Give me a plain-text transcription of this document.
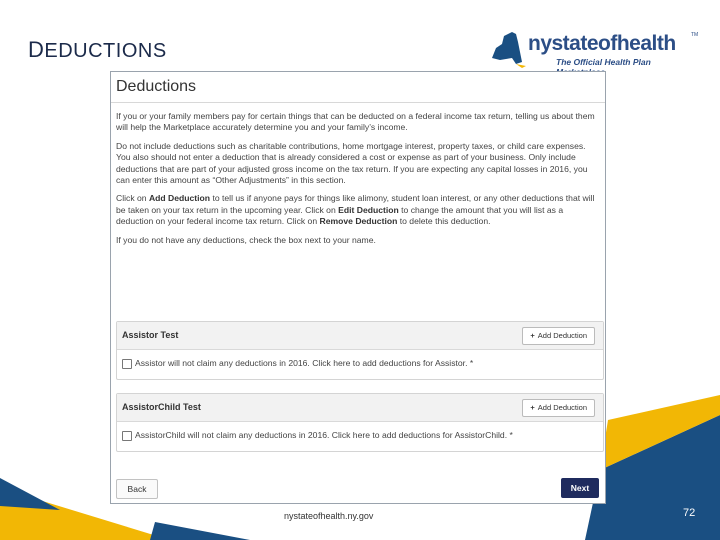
DEDUCTIONS	nystateofhealth	TM
The Official Health Plan
Deductions

If you or your family members pay for certain things that can be deducted on a federal income tax return, telling us about them will help the Marketplace accurately determine you and your family’s income.

Do not include deductions such as charitable contributions, home mortgage interest, property taxes, or child care expenses. You also should not enter a deduction that is already considered a cost or expense as part of your business. Only include deductions that are part of your adjusted gross income on the tax return. If you are expecting any capital losses in 2016, you can enter this amount as “Other Adjustments” in this section.

Click on Add Deduction to tell us if anyone pays for things like alimony, student loan interest, or any other deductions that will be taken on your tax return in the upcoming year. Click on Edit Deduction to change the amount that you will list as a deduction on your federal income tax return. Click on Remove Deduction to delete this deduction.

If you do not have any deductions, check the box next to your name.

Assistor Test	+ Add Deduction
Assistor will not claim any deductions in 2016. Click here to add deductions for Assistor. *
AssistorChild Test	+ Add Deduction
AssistorChild will not claim any deductions in 2016. Click here to add deductions for AssistorChild. *
Back	Next
nystateofhealth.ny.gov	72
